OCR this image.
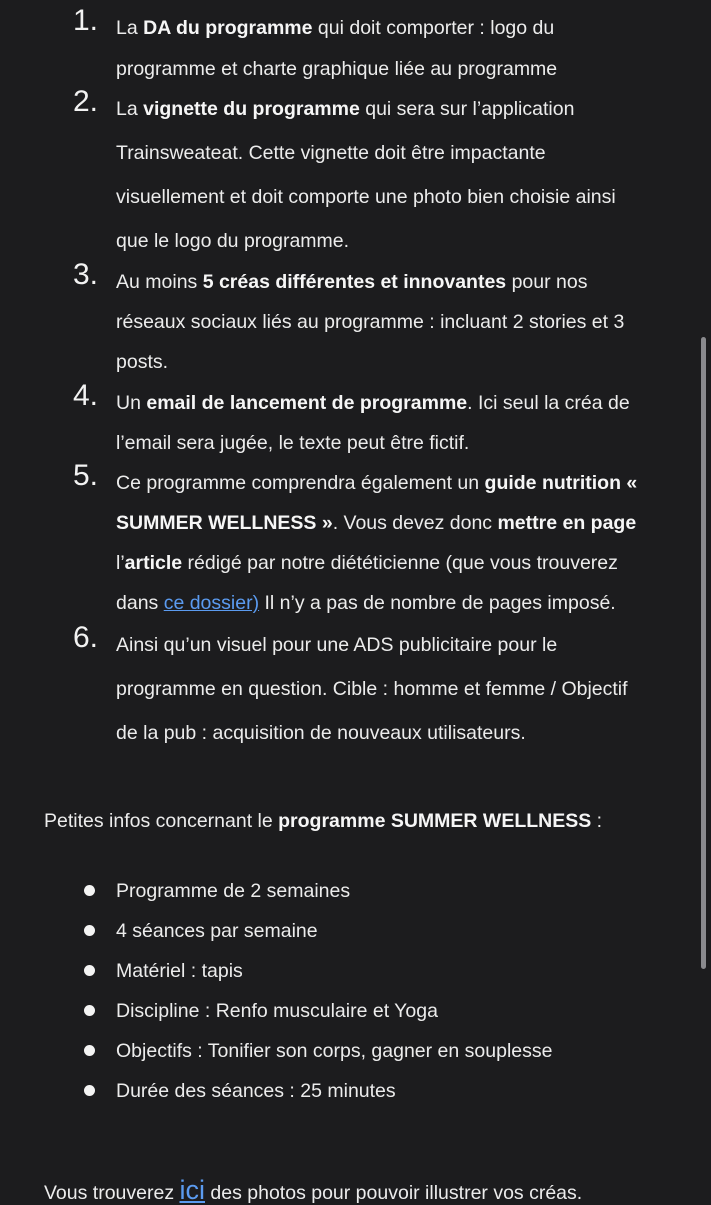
1. La DA du programme qui doit comporter : logo du
programme et charte graphique liée au programme
2. La vignette du programme qui sera sur l’application
Trainsweateat. Cette vignette doit être impactante
visuellement et doit comporte une photo bien choisie ainsi
que le logo du programme.
3. Au moins 5 créas différentes et innovantes pour nos
réseaux sociaux liés au programme : incluant 2 stories et 3
posts.
4. Un email de lancement de programme. Ici seul la créa de
l’email sera jugée, le texte peut être fictif.
5. Ce programme comprendra également un guide nutrition «
SUMMER WELLNESS ». Vous devez donc mettre en page
l’article rédigé par notre diététicienne (que vous trouverez
dans ce dossier) Il n’y a pas de nombre de pages imposé.
6. Ainsi qu’un visuel pour une ADS publicitaire pour le
programme en question. Cible : homme et femme / Objectif
de la pub : acquisition de nouveaux utilisateurs.
Petites infos concernant le programme SUMMER WELLNESS :
Programme de 2 semaines
4 séances par semaine
Matériel : tapis
Discipline : Renfo musculaire et Yoga
Objectifs : Tonifier son corps, gagner en souplesse
Durée des séances : 25 minutes
Vous trouverez ici des photos pour pouvoir illustrer vos créas.
